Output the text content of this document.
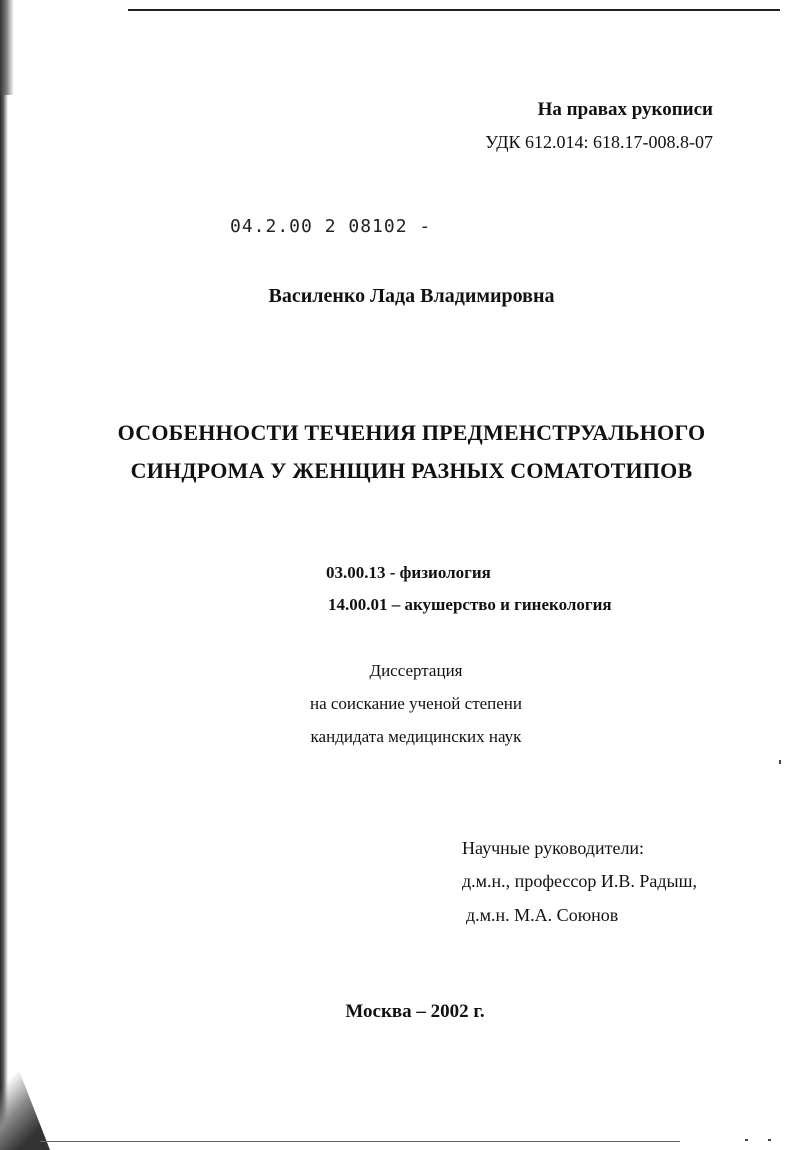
На правах рукописи
УДК 612.014: 618.17-008.8-07
04.2.00 2 08102 -
Василенко Лада Владимировна
ОСОБЕННОСТИ ТЕЧЕНИЯ ПРЕДМЕНСТРУАЛЬНОГО
СИНДРОМА У ЖЕНЩИН РАЗНЫХ СОМАТОТИПОВ
03.00.13 - физиология
14.00.01 – акушерство и гинекология
Диссертация
на соискание ученой степени
кандидата медицинских наук
Научные руководители:
д.м.н., профессор И.В. Радыш,
д.м.н. М.А. Союнов
Москва – 2002 г.
